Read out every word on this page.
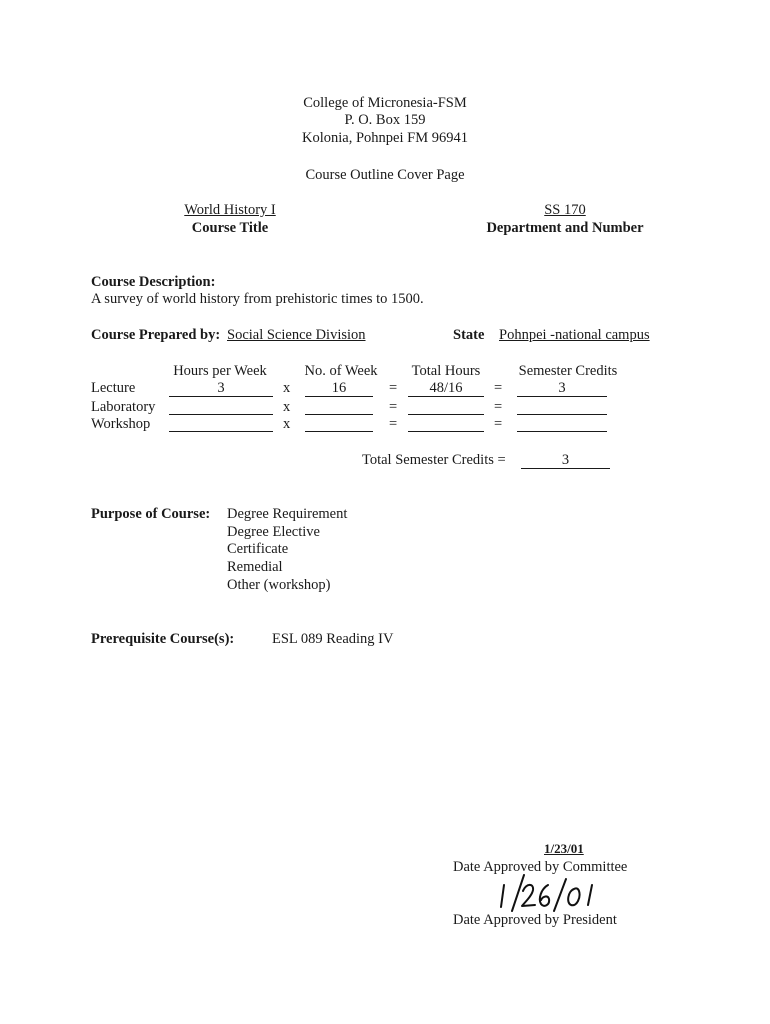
College of Micronesia-FSM
P. O. Box 159
Kolonia, Pohnpei FM 96941
Course Outline Cover Page
World History I
Course Title
SS 170
Department and Number
Course Description:
A survey of world history from prehistoric times to 1500.
Course Prepared by: Social Science Division	State Pohnpei -national campus
Hours per Week	No. of Week	Total Hours	Semester Credits
Lecture	3	x	16	=	48/16	=	3
Laboratory	x	=	=
Workshop	x	=	=
Total Semester Credits =	3
Purpose of Course: Degree Requirement
Degree Elective
Certificate
Remedial
Other (workshop)
Prerequisite Course(s):	ESL 089 Reading IV
1/23/01
Date Approved by Committee
Date Approved by President
